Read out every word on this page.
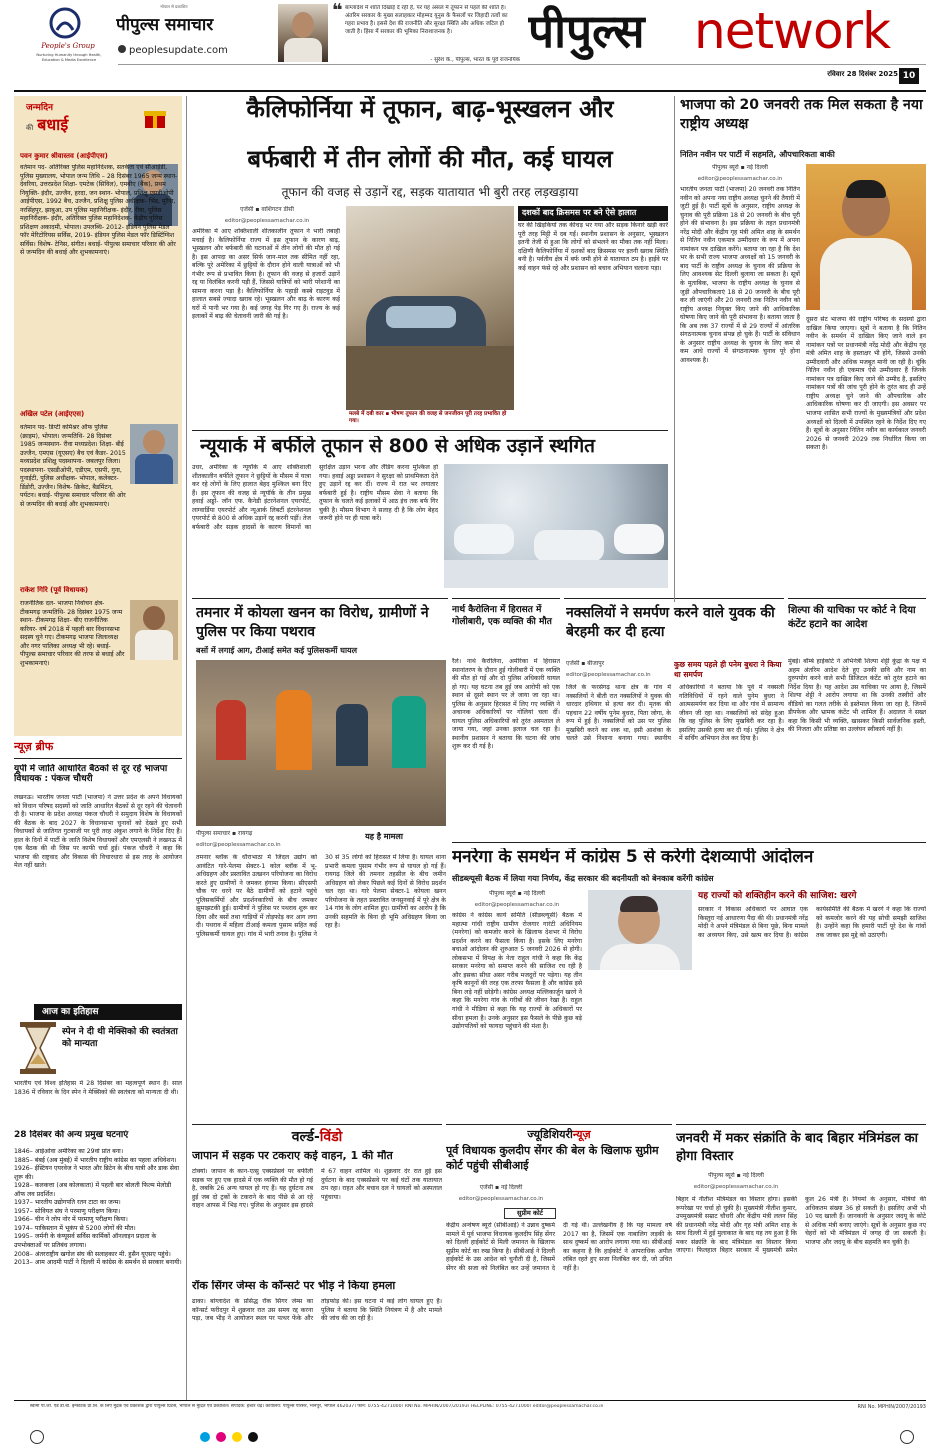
People's Group
Nurturing Humanity through Health, Education & Media Excellence
भोपाल से प्रकाशित
पीपुल्स समाचार
peoplesupdate.com
❝ बांग्लादेश में शांति दिखाई दे रही है, पर यह असल में तूफान से पहले की शांति है। अंतरिम सरकार के मुख्य सलाहकार मोहम्मद यूनुस के फैसलों पर जिहादी तत्वों का गहरा प्रभाव है। इससे देश की राजनीति और सुरक्षा स्थिति और अधिक जटिल हो जाती है। हिंसा में सरकार की भूमिका निराशाजनक है।
- सुरेश के., पीपुल्स, भारत के पूर्व राजनयिक
पीपुल्स network
रविवार 28 दिसंबर 2025 10
जन्मदिन
की बधाई
पवन कुमार श्रीवास्तव (आईपीएस)
वर्तमान पद- अतिरिक्त पुलिस महानिदेशक, सतर्कता एवं सीआईडी, पुलिस मुख्यालय, भोपाल जन्म तिथि – 28 दिसंबर 1965 जन्म स्थान- देवरिया, उत्तरप्रदेश शिक्षा- एमटेक (सिविल), एमबीए (बैंक), प्रथम नियुक्ति- इंदौर, उज्जैन, हरदा, जन स्थान- भोपाल, प्रशिक्षु एसडीओपी आईपीएस, 1992 बैच, उज्जैन, प्रशिक्षु पुलिस अधीक्षक- भिंड, मुरैना, नरसिंहपुर, झाबुआ, उप पुलिस महानिरीक्षक- इंदौर, रीवा, पुलिस महानिरीक्षक- इंदौर, अतिरिक्त पुलिस महानिदेशक- केंद्रीय पुलिस प्रशिक्षण अकादमी, भोपाल। उपलब्धि- 2012- इंडियन पुलिस मेडल फॉर मेरिटोरियस सर्विस, 2019- इंडियन पुलिस मेडल फॉर डिस्टिंग्विश सर्विस। विशेष- टेनिस, संगीत। बधाई- पीपुल्स समाचार परिवार की ओर से जन्मदिन की बधाई और शुभकामनाएं।
अखिल पटेल (आईएएस)
वर्तमान पद- डिप्टी कमिश्नर ऑफ पुलिस (क्राइम), भोपाल। जन्मतिथि- 28 दिसंबर 1985 जन्मस्थान- रीवा मध्यप्रदेश। शिक्षा- बीई उज्जैन, एमएस (यूएसए) बैच एवं कैडर- 2015 मध्यप्रदेश प्रशिक्षु पदस्थापना- जबलपुर जिला। पदस्थापना- एसडीओपी, एडीएम, एसपी, गुना, गुनाईटी, पुलिस अधीक्षक- भोपाल, कलेक्टर- डिंडोरी, उज्जैन। विशेष- क्रिकेट, बैडमिंटन, पर्यटन। बधाई- पीपुल्स समाचार परिवार की ओर से जन्मदिन की बधाई और शुभकामनाएं।
राकेश गिरि (पूर्व विधायक)
राजनीतिक दल- भाजपा निर्वाचन क्षेत्र- टीकमगढ़ जन्मतिथि- 28 दिसंबर 1975 जन्म स्थान- टीकमगढ़ शिक्षा- बीए राजनीतिक करियर- वर्ष 2018 में पहली बार विधानसभा सदस्य चुने गए। टीकमगढ़ भाजपा जिलाध्यक्ष और नगर पालिका अध्यक्ष भी रहे। बधाई- पीपुल्स समाचार परिवार की तरफ से बधाई और शुभकामनाएं।
न्यूज़ ब्रीफ
यूपी में जाति आधारित बैठकों से दूर रहें भाजपा विधायक : पंकज चौधरी
लखनऊ। भारतीय जनता पार्टी (भाजपा) ने उत्तर प्रदेश के अपने विधायकों को विधान परिषद सदस्यों को जाति आधारित बैठकों से दूर रहने की चेतावनी दी है। भाजपा के प्रदेश अध्यक्ष पंकज चौधरी ने समुदाय विशेष के विधायकों की बैठक के बाद 2027 के विधानसभा चुनावों को देखते हुए सभी विधायकों से जातिगत गुटबाजी पर पूरी तरह अंकुश लगाने के निर्देश दिए हैं। हाल के दिनों में पार्टी के जाति विशेष विधायकों और एमएलसी ने लखनऊ में एक बैठक की थी जिस पर काफी चर्चा हुई। पंकज चौधरी ने कहा कि भाजपा की राष्ट्रवाद और विकास की विचारधारा से इस तरह के आयोजन मेल नहीं खाते।
आज का इतिहास
स्पेन ने दी थी मेक्सिको की स्वतंत्रता को मान्यता
भारतीय एवं विश्व इतिहास में 28 दिसंबर का महत्वपूर्ण स्थान है। साल 1836 में रविवार के दिन स्पेन ने मेक्सिको की स्वतंत्रता को मान्यता दी थी।
28 दिसंबर की अन्य प्रमुख घटनाएं
1846– आईओवा अमेरिका का 29वां प्रांत बना।
1885– बंबई (अब मुंबई) में भारतीय राष्ट्रीय कांग्रेस का पहला अधिवेशन।
1926– ईस्टियन एयरवेज ने भारत और ब्रिटेन के बीच यात्री और डाक सेवा शुरू की।
1928– कलकत्ता (अब कोलकाता) में पहली बार बोलती फिल्म मेलोडी ऑफ लव प्रदर्शित।
1937– भारतीय उद्योगपति रतन टाटा का जन्म।
1957– सोवियत संघ ने परमाणु परीक्षण किया।
1966– चीन ने लोप नोर में परमाणु परीक्षण किया।
1974– पाकिस्तान में भूकंप से 5200 लोगों की मौत।
1995– जर्मनी के कंप्यूसर्व सर्विस कार्मिकों ऑनलाइन प्रदाता के उपभोक्ताओं पर प्रतिबंध लगाया।
2008– अंतरराष्ट्रीय खगोल संघ की सलाहकार मी. हुसैन यूएसए पहुंचे।
2013– आम आदमी पार्टी ने दिल्ली में कांग्रेस के समर्थन से सरकार बनायी।
कैलिफोर्निया में तूफान, बाढ़-भूस्खलन और
बर्फबारी में तीन लोगों की मौत, कई घायल
तूफान की वजह से उड़ानें रद्द, सड़क यातायात भी बुरी तरह लड़खड़ाया
एजेंसी ▪ वाशिंगटन डीसी
editor@peoplessamachar.co.in
अमेरिका में आए शक्तिशाली शीतकालीन तूफान ने भारी तबाही मचाई है। कैलिफोर्निया राज्य में इस तूफान के कारण बाढ़, भूस्खलन और बर्फबारी की घटनाओं में तीन लोगों की मौत हो गई है। इस आपदा का असर सिर्फ जान-माल तक सीमित नहीं रहा, बल्कि पूरे अमेरिका में छुट्टियों के दौरान होने वाली यात्राओं को भी गंभीर रूप से प्रभावित किया है। तूफान की वजह से हजारों उड़ानें रद्द या विलंबित करनी पड़ी हैं, जिससे यात्रियों को भारी परेशानी का सामना करना पड़ा है। कैलिफोर्निया के पहाड़ी कस्बे राइटवुड में हालात सबसे ज्यादा खराब रहे। भूस्खलन और बाढ़ के कारण कई घरों में पानी भर गया है। कई जगह पेड़ गिर गए हैं। राज्य के कई इलाकों में बाढ़ की चेतावनी जारी की गई है।
मलबे में दबी कार ▪ भीषण तूफान की वजह से जनजीवन पूरी तरह प्रभावित हो गया।
दशकों बाद क्रिसमस पर बने ऐसे हालात
घर की खिड़कियों तक कीचड़ भर गया और सड़क किनारे खड़ी कारें पूरी तरह मिट्टी में दब गईं। स्थानीय प्रशासन के अनुसार, भूस्खलन इतनी तेजी से हुआ कि लोगों को संभलने का मौका तक नहीं मिला। दक्षिणी कैलिफोर्निया में दशकों बाद क्रिसमस पर इतनी खराब स्थिति बनी है। पर्वतीय क्षेत्र में बर्फ जमी होने से यातायात ठप है। हाईवे पर कई वाहन फंसे रहे और प्रशासन को बचाव अभियान चलाना पड़ा।
न्यूयार्क में बर्फीले तूफान से 800 से अधिक उड़ानें स्थगित
उधर, अमेरिका के न्यूयॉर्क में आए शक्तिशाली शीतकालीन बर्फीले तूफान ने छुट्टियों के मौसम में यात्रा कर रहे लोगों के लिए हालात बेहद मुश्किल बना दिए हैं। इस तूफान की वजह से न्यूयॉर्क के तीन प्रमुख हवाई अड्डों- जॉन एफ. कैनेडी इंटरनेशनल एयरपोर्ट, लाग्वार्डिया एयरपोर्ट और न्यूआर्क लिबर्टी इंटरनेशनल एयरपोर्ट से 800 से अधिक उड़ानें रद्द करनी पड़ीं। तेज बर्फबारी और सड़क हादसों के कारण विमानों का सुरक्षित उड़ान भरना और लैंडिंग करना मुश्किल हो गया। हवाई अड्डा प्रशासन ने सुरक्षा को प्राथमिकता देते हुए उड़ानें रद्द कर दीं। राज्य में रात भर लगातार बर्फबारी हुई है। राष्ट्रीय मौसम सेवा ने बताया कि तूफान के चलते कई इलाकों में आठ इंच तक बर्फ गिर चुकी है। मौसम विभाग ने सलाह दी है कि लोग बेहद जरूरी होने पर ही यात्रा करें।
तमनार में कोयला खनन का विरोध, ग्रामीणों ने पुलिस पर किया पथराव
बसों में लगाई आग, टीआई समेत कई पुलिसकर्मी घायल
पीपुल्स समाचार ▪ रायगढ़
editor@peoplessamachar.co.in
यह है मामला
तमनार ब्लॉक के धौराभाठा में जिंदल उद्योग को आवंटित गारे-पेलमा सेक्टर-1 कोल ब्लॉक में भू-अधिग्रहण और प्रस्तावित उत्खनन परियोजना का विरोध करते हुए ग्रामीणों ने जमकर हंगामा किया। सीएसपी चौक पर धरने पर बैठे ग्रामीणों को हटाने पहुंचे पुलिसकर्मियों और प्रदर्शनकारियों के बीच जमकर झूमाझटकी हुई। ग्रामीणों ने पुलिस पर पथराव शुरू कर दिया और बसों तथा गाड़ियों में तोड़फोड़ कर आग लगा दी। पथराव में महिला टीआई कमला पुसाम सहित कई पुलिसकर्मी घायल हुए। गांव में भारी तनाव है। पुलिस ने 30 से 35 लोगों को हिरासत में लिया है। घायल थाना प्रभारी कमला पुसाम गंभीर रूप से घायल हो गई हैं। रायगढ़ जिले की तमनार तहसील के बीच जमीन अधिग्रहण को लेकर पिछले कई दिनों से विरोध प्रदर्शन चल रहा था। गारे पेलमा सेक्टर-1 कोयला खनन परियोजना के तहत प्रस्तावित जनसुनवाई में पूरे क्षेत्र के 14 गांव के लोग शामिल हुए। ग्रामीणों का आरोप है कि उनकी सहमति के बिना ही भूमि अधिग्रहण किया जा रहा है।
नार्थ कैरोलिना में हिरासत में गोलीबारी, एक व्यक्ति की मौत
रैले। नार्थ कैरोलिना, अमेरिका में हिरासत स्थानांतरण के दौरान हुई गोलीबारी में एक व्यक्ति की मौत हो गई और दो पुलिस अधिकारी घायल हो गए। यह घटना तब हुई जब आरोपी को एक स्थान से दूसरे स्थान पर ले जाया जा रहा था। पुलिस के अनुसार हिरासत में लिए गए व्यक्ति ने अचानक अधिकारियों पर गोलियां चला दीं। घायल पुलिस अधिकारियों को तुरंत अस्पताल ले जाया गया, जहां उनका इलाज चल रहा है। स्थानीय प्रशासन ने बताया कि घटना की जांच शुरू कर दी गई है।
नक्सलियों ने समर्पण करने वाले युवक की बेरहमी कर दी हत्या
एजेंसी ▪ बीजापुर
editor@peoplessamachar.co.in
कुछ समय पहले ही पनेम बुधरा ने किया था समर्पण
जिले के फरसेगढ़ थाना क्षेत्र के गांव में नक्सलियों ने बीती रात नक्सलियों ने युवक की धारदार हथियार से हत्या कर दी। मृतक की पहचान 22 वर्षीय पुनेम बुधरा, पिता जोगा, के रूप में हुई है। नक्सलियों को उस पर पुलिस मुखबिरी करने का शक था, इसी आशंका के चलते उसे निशाना बनाया गया। स्थानीय अधिकारियों ने बताया कि पूर्व में नक्सली गतिविधियों में रहने वाले पुनेम बुधरा ने आत्मसमर्पण कर दिया था और गांव में सामान्य जीवन जी रहा था। नक्सलियों को संदेह हुआ कि वह पुलिस के लिए मुखबिरी कर रहा है। इसलिए उसकी हत्या कर दी गई। पुलिस ने क्षेत्र में सर्चिंग अभियान तेज कर दिया है।
भाजपा को 20 जनवरी तक मिल सकता है नया राष्ट्रीय अध्यक्ष
नितिन नवीन पर पार्टी में सहमति, औपचारिकता बाकी
पीपुल्स ब्यूरो ▪ नई दिल्ली
editor@peoplessamachar.co.in
भारतीय जनता पार्टी (भाजपा) 20 जनवरी तक नितिन नवीन को अपना नया राष्ट्रीय अध्यक्ष चुनने की तैयारी में जुटी हुई है। पार्टी सूत्रों के अनुसार, राष्ट्रीय अध्यक्ष के चुनाव की पूरी प्रक्रिया 18 से 20 जनवरी के बीच पूरी होने की संभावना है। इस प्रक्रिया के तहत प्रधानमंत्री नरेंद्र मोदी और केंद्रीय गृह मंत्री अमित शाह के समर्थन से नितिन नवीन एकमात्र उम्मीदवार के रूप में अपना नामांकन पत्र दाखिल करेंगे। बताया जा रहा है कि देश भर के सभी राज्य भाजपा अध्यक्षों को 15 जनवरी के बाद पार्टी के राष्ट्रीय अध्यक्ष के चुनाव की प्रक्रिया के लिए आवश्यक सेट दिल्ली बुलाया जा सकता है। सूत्रों के मुताबिक, भाजपा के राष्ट्रीय अध्यक्ष के चुनाव से जुड़ी औपचारिकताएं 18 से 20 जनवरी के बीच पूरी कर ली जाएंगी और 20 जनवरी तक नितिन नवीन को राष्ट्रीय अध्यक्ष नियुक्त किए जाने की आधिकारिक घोषणा किए जाने की पूरी संभावना है। बताया जाता है कि अब तक 37 राज्यों में से 29 राज्यों में आंतरिक संगठनात्मक चुनाव संपन्न हो चुके हैं। पार्टी के संविधान के अनुसार राष्ट्रीय अध्यक्ष के चुनाव के लिए कम से कम आधे राज्यों में संगठनात्मक चुनाव पूरे होना आवश्यक है।
दूसरा सेट भाजपा की राष्ट्रीय परिषद के सदस्यों द्वारा दाखिल किया जाएगा। सूत्रों ने बताया है कि नितिन नवीन के समर्थन में दाखिल किए जाने वाले इन नामांकन पत्रों पर प्रधानमंत्री नरेंद्र मोदी और केंद्रीय गृह मंत्री अमित शाह के हस्ताक्षर भी होंगे, जिससे उनकी उम्मीदवारी और अधिक मजबूत मानी जा रही है। चूंकि नितिन नवीन ही एकमात्र ऐसे उम्मीदवार हैं जिनके नामांकन पत्र दाखिल किए जाने की उम्मीद है, इसलिए नामांकन पत्रों की जांच पूरी होने के तुरंत बाद ही उन्हें राष्ट्रीय अध्यक्ष चुने जाने की औपचारिक और आधिकारिक घोषणा कर दी जाएगी। इस अवसर पर भाजपा शासित सभी राज्यों के मुख्यमंत्रियों और प्रदेश अध्यक्षों को दिल्ली में उपस्थित रहने के निर्देश दिए गए हैं। सूत्रों के अनुसार नितिन नवीन का कार्यकाल जनवरी 2026 से जनवरी 2029 तक निर्धारित किया जा सकता है।
शिल्पा की याचिका पर कोर्ट ने दिया कंटेंट हटाने का आदेश
मुंबई। बॉम्बे हाईकोर्ट ने अभिनेत्री शिल्पा शेट्टी कुंद्रा के पक्ष में अहम अंतरिम आदेश देते हुए उनकी छवि और नाम का दुरुपयोग करने वाले सभी डिजिटल कंटेंट को तुरंत हटाने का निर्देश दिया है। यह आदेश उस याचिका पर आया है, जिसमें शिल्पा शेट्टी ने आरोप लगाया था कि उनकी तस्वीरों और वीडियो का गलत तरीके से इस्तेमाल किया जा रहा है, जिनमें डीपफेक और भ्रामक कंटेंट भी शामिल हैं। अदालत ने सख्त कहा कि किसी भी व्यक्ति, खासकर किसी सार्वजनिक हस्ती, की निजता और प्रतिष्ठा का उल्लंघन स्वीकार्य नहीं है।
मनरेगा के समर्थन में कांग्रेस 5 से करेगी देशव्यापी आंदोलन
सीडब्ल्यूसी बैठक में लिया गया निर्णय, केंद्र सरकार की बदनीयती को बेनकाब करेंगी कांग्रेस
पीपुल्स ब्यूरो ▪ नई दिल्ली
editor@peoplessamachar.co.in
कांग्रेस ने कांग्रेस कार्य समिति (सीडब्ल्यूसी) बैठक में महात्मा गांधी राष्ट्रीय ग्रामीण रोजगार गारंटी अधिनियम (मनरेगा) को कमजोर करने के खिलाफ देशभर में विरोध प्रदर्शन करने का फैसला किया है। इसके लिए मनरेगा बचाओ आंदोलन की शुरुआत 5 जनवरी 2026 से होगी। लोकसभा में विपक्ष के नेता राहुल गांधी ने कहा कि केंद्र सरकार मनरेगा को समाप्त करने की साजिश रच रही है और इसका सीधा असर गरीब मजदूरों पर पड़ेगा। यह तीन कृषि कानूनों की तरह एक तरफा फैसला है और कांग्रेस इसे बिना लड़े नहीं छोड़ेगी। कांग्रेस अध्यक्ष मल्लिकार्जुन खरगे ने कहा कि मनरेगा गांव के गरीबों की जीवन रेखा है। राहुल गांधी ने मीडिया से कहा कि यह राज्यों के अधिकारों पर सीधा हमला है। उनके अनुसार इस फैसले के पीछे कुछ बड़े उद्योगपतियों को फायदा पहुंचाने की मंशा है।
यह राज्यों को शक्तिहीन करने की साजिश: खरगे
सरकार ने विकास अधिकारों पर आघात एक किस्तुरा नई आधारणा पैदा की थी। प्रधानमंत्री नरेंद्र मोदी ने अपने मंत्रिमंडल से बिना पूछे, बिना मामले का अध्ययन किए, उसे खत्म कर दिया है। कांग्रेस कार्यसमिति की बैठक में खरगे ने कहा कि राज्यों को कमजोर करने की यह सोची समझी साजिश है। उन्होंने कहा कि हमारी पार्टी पूरे देश के गांवों तक जाकर इस मुद्दे को उठाएगी।
वर्ल्ड-विंडो
जापान में सड़क पर टकराए कई वाहन, 1 की मौत
टोक्यो। जापान के कान-एत्सु एक्सप्रेसवे पर बर्फीली सड़क पर हुए एक हादसे में एक व्यक्ति की मौत हो गई है, जबकि 26 अन्य घायल हो गए हैं। यह दुर्घटना तब हुई जब दो ट्रकों के टकराने के बाद पीछे से आ रहे वाहन आपस में भिड़ गए। पुलिस के अनुसार इस हादसे में 67 वाहन शामिल थे। शुक्रवार देर रात हुई इस दुर्घटना के बाद एक्सप्रेसवे पर कई घंटों तक यातायात ठप रहा। राहत और बचाव दल ने घायलों को अस्पताल पहुंचाया।
रॉक सिंगर जेम्स के कॉन्सर्ट पर भीड़ ने किया हमला
ढाका। बांग्लादेश के प्रसिद्ध रॉक सिंगर जेम्स का कॉन्सर्ट फरीदपुर में शुक्रवार रात उस समय रद्द करना पड़ा, जब भीड़ ने आयोजन स्थल पर पत्थर फेंके और तोड़फोड़ की। इस घटना में कई लोग घायल हुए हैं। पुलिस ने बताया कि स्थिति नियंत्रण में है और मामले की जांच की जा रही है।
ज्यूडिशियरीन्यूज़
पूर्व विधायक कुलदीप सेंगर की बेल के खिलाफ सुप्रीम कोर्ट पहुंची सीबीआई
एजेंसी ▪ नई दिल्ली
editor@peoplessamachar.co.in
सुप्रीम कोर्ट
केंद्रीय अन्वेषण ब्यूरो (सीबीआई) ने उन्नाव दुष्कर्म मामले में पूर्व भाजपा विधायक कुलदीप सिंह सेंगर को दिल्ली हाईकोर्ट से मिली जमानत के खिलाफ सुप्रीम कोर्ट का रुख किया है। सीबीआई ने दिल्ली हाईकोर्ट के उस आदेश को चुनौती दी है, जिसमें सेंगर की सजा को निलंबित कर उन्हें जमानत दे दी गई थी। उल्लेखनीय है कि यह मामला वर्ष 2017 का है, जिसमें एक नाबालिग लड़की के साथ दुष्कर्म का आरोप लगाया गया था। सीबीआई का कहना है कि हाईकोर्ट ने आपराधिक अपील लंबित रहते हुए सजा निलंबित कर दी, जो उचित नहीं है।
जनवरी में मकर संक्रांति के बाद बिहार मंत्रिमंडल का होगा विस्तार
पीपुल्स ब्यूरो ▪ नई दिल्ली
editor@peoplessamachar.co.in
बिहार में नीतीश मंत्रिमंडल का विस्तार होगा। इसकी रूपरेखा पर चर्चा हो चुकी है। मुख्यमंत्री नीतीश कुमार, उपमुख्यमंत्री सम्राट चौधरी और केंद्रीय मंत्री ललन सिंह की प्रधानमंत्री नरेंद्र मोदी और गृह मंत्री अमित शाह के साथ दिल्ली में हुई मुलाकात के बाद यह तय हुआ है कि मकर संक्रांति के बाद मंत्रिमंडल का विस्तार किया जाएगा। फिलहाल बिहार सरकार में मुख्यमंत्री समेत कुल 26 मंत्री हैं। नियमों के अनुसार, मंत्रियों की अधिकतम संख्या 36 हो सकती है। इसलिए अभी भी 10 पद खाली हैं। जानकारी के अनुसार जदयू के कोटे से अधिक मंत्री बनाए जाएंगे। सूत्रों के अनुसार कुछ नए चेहरों को भी मंत्रिमंडल में जगह दी जा सकती है। भाजपा और जदयू के बीच सहमति बन चुकी है।
स्वामी पी.जी. ऐंड डी.बी. इन्फोटेक प्रा.लि. के लिए मुद्रक एवं प्रकाशक द्वारा पीपुल्स प्रिंटर्स, भोपाल से मुद्रित एवं प्रकाशित। संपादक: ईश्वर चंद्र। कार्यालय: पीपुल्स परिसर, भानपुर, भोपाल 462037। फोन: 0755-4271000। RNI No. MPHIN/2007/20193। HELPLINE: 0755-4271000। editor@peoplessamachar.co.in	RNI No. MPHIN/2007/20193
